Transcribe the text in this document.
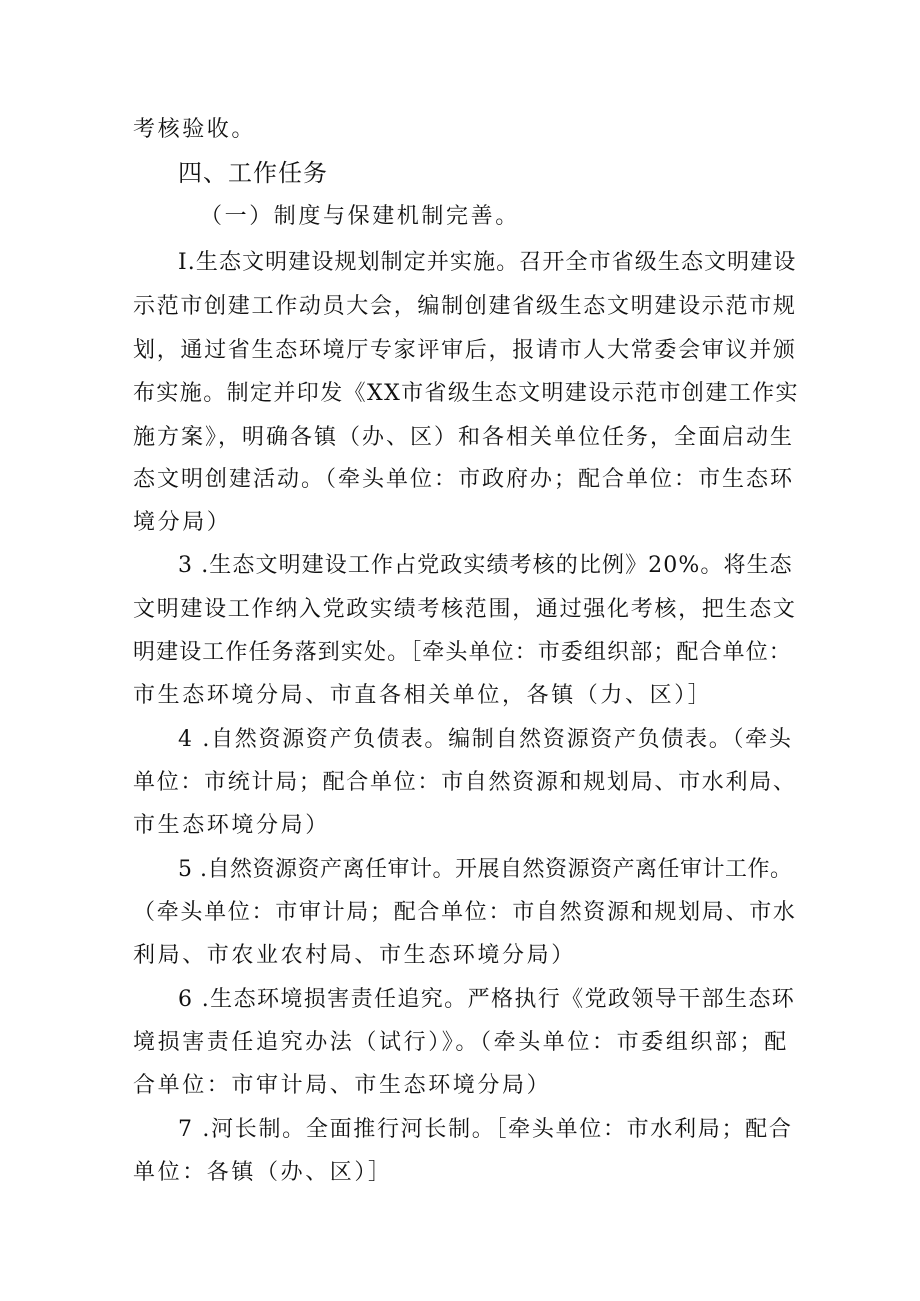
考核验收。
四、工作任务
（一）制度与保建机制完善。
I.生态文明建设规划制定并实施。召开全市省级生态文明建设
示范市创建工作动员大会，编制创建省级生态文明建设示范市规
划，通过省生态环境厅专家评审后，报请市人大常委会审议并颁
布实施。制定并印发《XX市省级生态文明建设示范市创建工作实
施方案》，明确各镇（办、区）和各相关单位任务，全面启动生
态文明创建活动。（牵头单位：市政府办；配合单位：市生态环
境分局）
3 .生态文明建设工作占党政实绩考核的比例》20%。将生态
文明建设工作纳入党政实绩考核范围，通过强化考核，把生态文
明建设工作任务落到实处。［牵头单位：市委组织部；配合单位：
市生态环境分局、市直各相关单位，各镇（力、区）］
4 .自然资源资产负债表。编制自然资源资产负债表。（牵头
单位：市统计局；配合单位：市自然资源和规划局、市水利局、
市生态环境分局）
5 .自然资源资产离任审计。开展自然资源资产离任审计工作。
（牵头单位：市审计局；配合单位：市自然资源和规划局、市水
利局、市农业农村局、市生态环境分局）
6 .生态环境损害责任追究。严格执行《党政领导干部生态环
境损害责任追究办法（试行）》。（牵头单位：市委组织部；配
合单位：市审计局、市生态环境分局）
7 .河长制。全面推行河长制。［牵头单位：市水利局；配合
单位：各镇（办、区）］
